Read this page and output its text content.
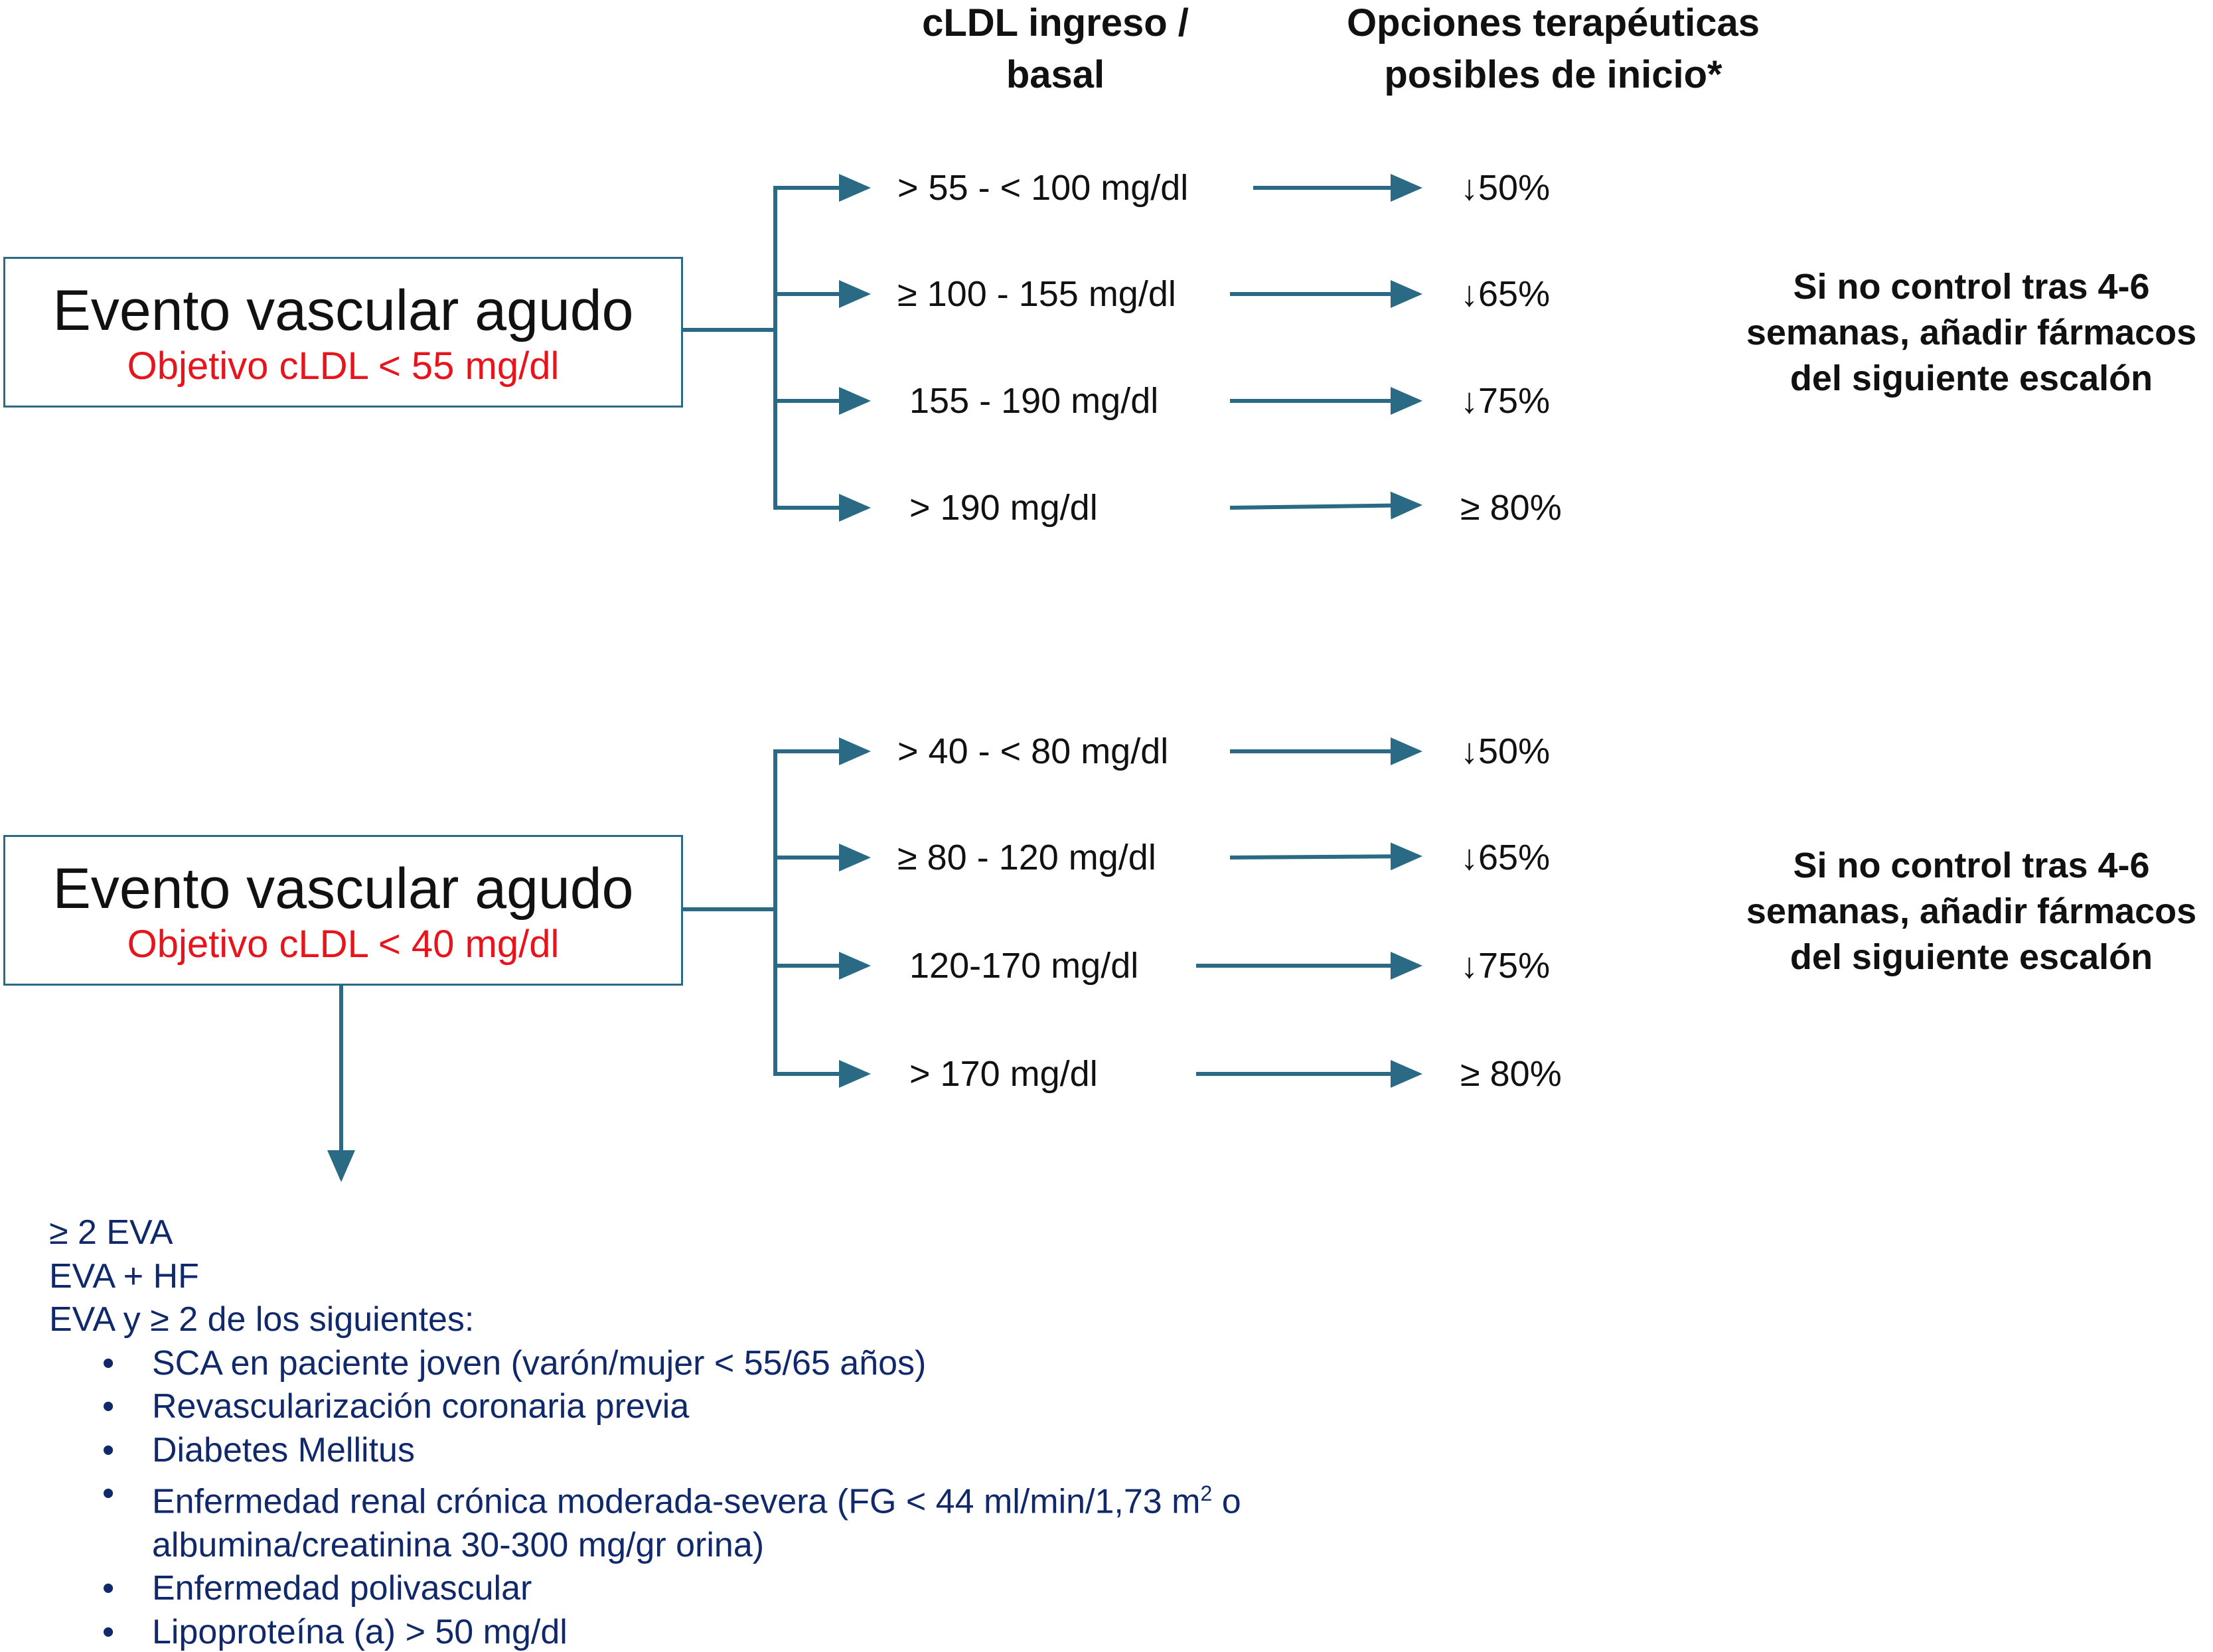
cLDL ingreso /
basal
Opciones terapéuticas
posibles de inicio*
Evento vascular agudo
Objetivo cLDL < 55 mg/dl
> 55 - < 100 mg/dl
≥ 100 - 155 mg/dl
155 - 190 mg/dl
> 190 mg/dl
↓50%
↓65%
↓75%
≥ 80%
Si no control tras 4-6
semanas, añadir fármacos
del siguiente escalón
Evento vascular agudo
Objetivo cLDL < 40 mg/dl
> 40 - < 80 mg/dl
≥ 80 - 120 mg/dl
120-170 mg/dl
> 170 mg/dl
↓50%
↓65%
↓75%
≥ 80%
Si no control tras 4-6
semanas, añadir fármacos
del siguiente escalón
≥ 2 EVA
EVA + HF
EVA y ≥ 2 de los siguientes:
• SCA en paciente joven (varón/mujer < 55/65 años)
• Revascularización coronaria previa
• Diabetes Mellitus
• Enfermedad renal crónica moderada-severa (FG < 44 ml/min/1,73 $m^2$ o
albumina/creatinina 30-300 mg/gr orina)
• Enfermedad polivascular
• Lipoproteína (a) > 50 mg/dl
